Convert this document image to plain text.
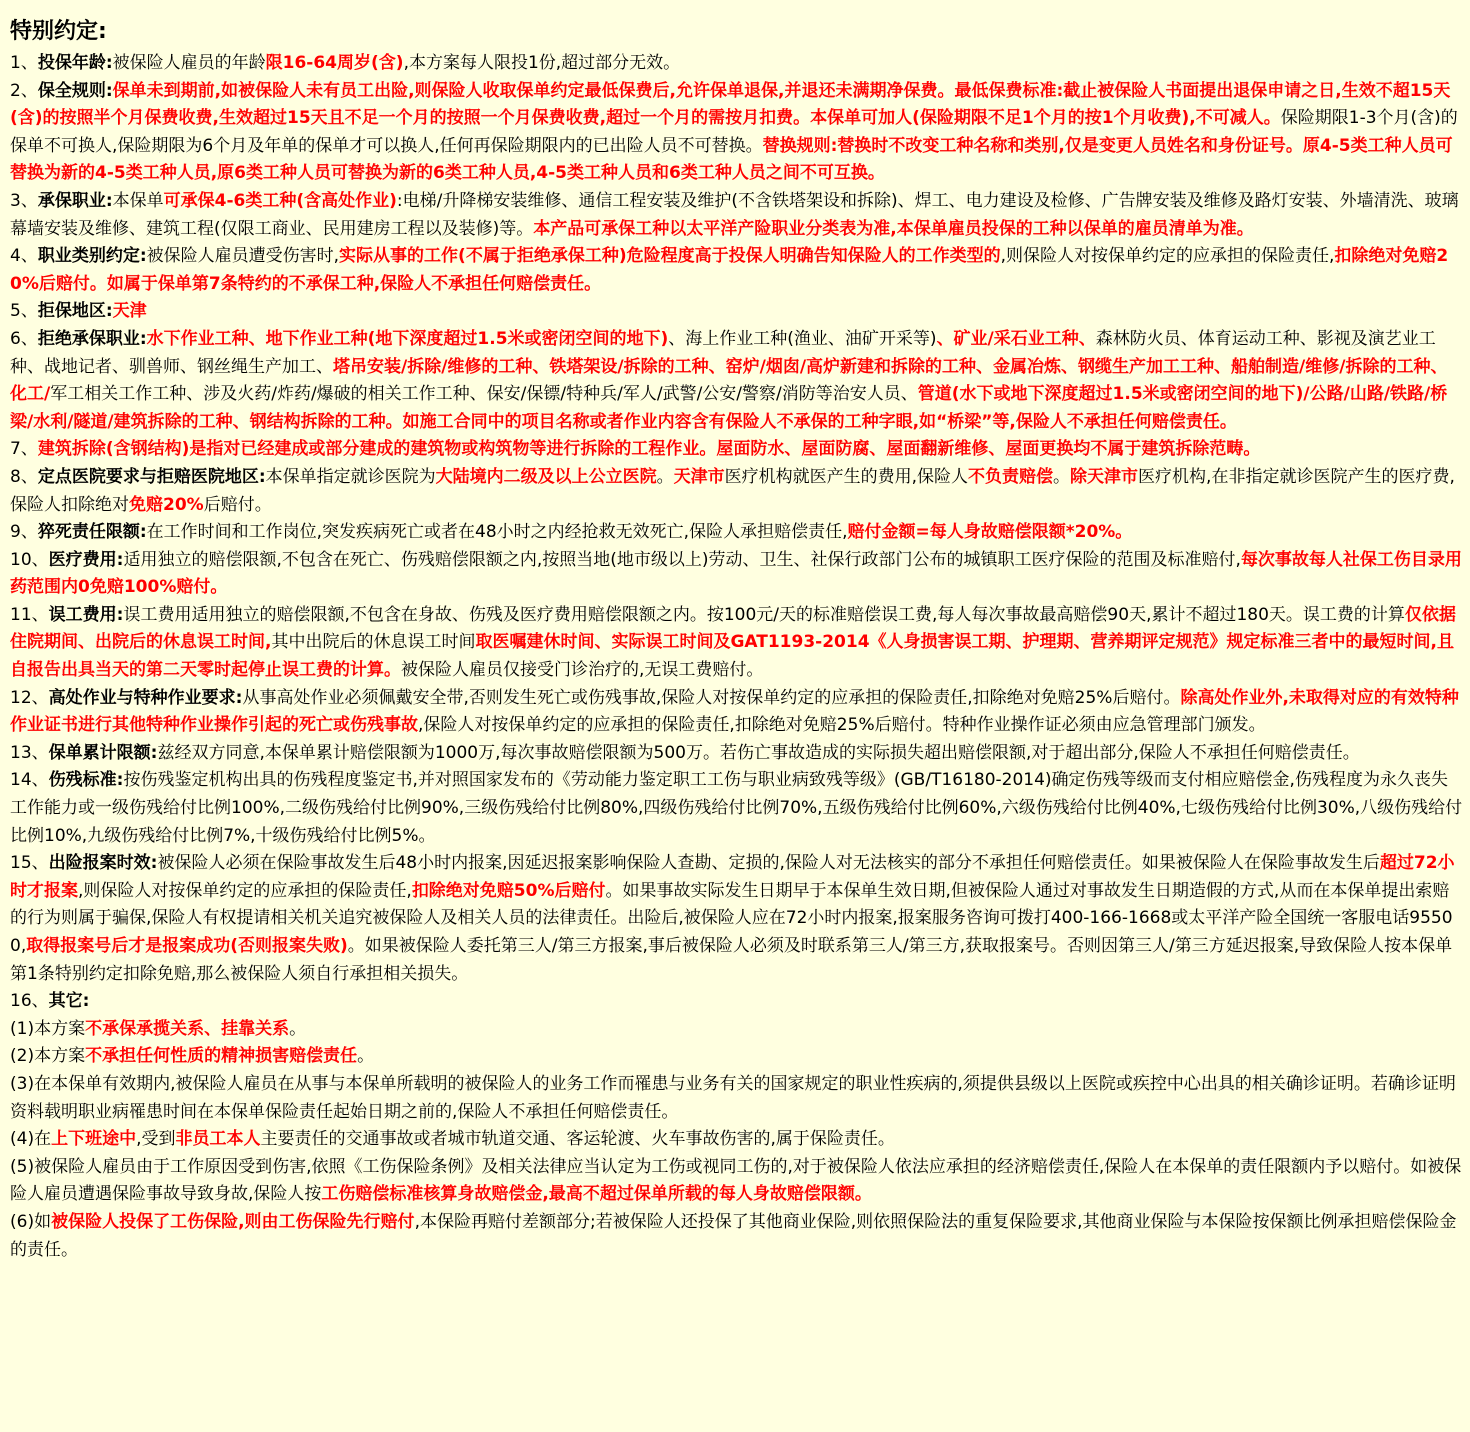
特别约定:

1、投保年龄:被保险人雇员的年龄限16-64周岁(含),本方案每人限投1份,超过部分无效。

2、保全规则:保单未到期前,如被保险人未有员工出险,则保险人收取保单约定最低保费后,允许保单退保,并退还未满期净保费。最低保费标准:截止被保险人书面提出退保申请之日,生效不超15天(含)的按照半个月保费收费,生效超过15天且不足一个月的按照一个月保费收费,超过一个月的需按月扣费。本保单可加人(保险期限不足1个月的按1个月收费),不可减人。保险期限1-3个月(含)的保单不可换人,保险期限为6个月及年单的保单才可以换人,任何再保险期限内的已出险人员不可替换。替换规则:替换时不改变工种名称和类别,仅是变更人员姓名和身份证号。原4-5类工种人员可替换为新的4-5类工种人员,原6类工种人员可替换为新的6类工种人员,4-5类工种人员和6类工种人员之间不可互换。

3、承保职业:本保单可承保4-6类工种(含高处作业):电梯/升降梯安装维修、通信工程安装及维护(不含铁塔架设和拆除)、焊工、电力建设及检修、广告牌安装及维修及路灯安装、外墙清洗、玻璃幕墙安装及维修、建筑工程(仅限工商业、民用建房工程以及装修)等。本产品可承保工种以太平洋产险职业分类表为准,本保单雇员投保的工种以保单的雇员清单为准。

4、职业类别约定:被保险人雇员遭受伤害时,实际从事的工作(不属于拒绝承保工种)危险程度高于投保人明确告知保险人的工作类型的,则保险人对按保单约定的应承担的保险责任,扣除绝对免赔20%后赔付。如属于保单第7条特约的不承保工种,保险人不承担任何赔偿责任。

5、拒保地区:天津

6、拒绝承保职业:水下作业工种、地下作业工种(地下深度超过1.5米或密闭空间的地下)、海上作业工种(渔业、油矿开采等)、矿业/采石业工种、森林防火员、体育运动工种、影视及演艺业工种、战地记者、驯兽师、钢丝绳生产加工、塔吊安装/拆除/维修的工种、铁塔架设/拆除的工种、窑炉/烟囱/高炉新建和拆除的工种、金属冶炼、钢缆生产加工工种、船舶制造/维修/拆除的工种、化工/军工相关工作工种、涉及火药/炸药/爆破的相关工作工种、保安/保镖/特种兵/军人/武警/公安/警察/消防等治安人员、管道(水下或地下深度超过1.5米或密闭空间的地下)/公路/山路/铁路/桥梁/水利/隧道/建筑拆除的工种、钢结构拆除的工种。如施工合同中的项目名称或者作业内容含有保险人不承保的工种字眼,如“桥梁”等,保险人不承担任何赔偿责任。

7、建筑拆除(含钢结构)是指对已经建成或部分建成的建筑物或构筑物等进行拆除的工程作业。屋面防水、屋面防腐、屋面翻新维修、屋面更换均不属于建筑拆除范畴。

8、定点医院要求与拒赔医院地区:本保单指定就诊医院为大陆境内二级及以上公立医院。天津市医疗机构就医产生的费用,保险人不负责赔偿。除天津市医疗机构,在非指定就诊医院产生的医疗费,保险人扣除绝对免赔20%后赔付。

9、猝死责任限额:在工作时间和工作岗位,突发疾病死亡或者在48小时之内经抢救无效死亡,保险人承担赔偿责任,赔付金额=每人身故赔偿限额*20%。

10、医疗费用:适用独立的赔偿限额,不包含在死亡、伤残赔偿限额之内,按照当地(地市级以上)劳动、卫生、社保行政部门公布的城镇职工医疗保险的范围及标准赔付,每次事故每人社保工伤目录用药范围内0免赔100%赔付。

11、误工费用:误工费用适用独立的赔偿限额,不包含在身故、伤残及医疗费用赔偿限额之内。按100元/天的标准赔偿误工费,每人每次事故最高赔偿90天,累计不超过180天。误工费的计算仅依据住院期间、出院后的休息误工时间,其中出院后的休息误工时间取医嘱建休时间、实际误工时间及GAT1193-2014《人身损害误工期、护理期、营养期评定规范》规定标准三者中的最短时间,且自报告出具当天的第二天零时起停止误工费的计算。被保险人雇员仅接受门诊治疗的,无误工费赔付。

12、高处作业与特种作业要求:从事高处作业必须佩戴安全带,否则发生死亡或伤残事故,保险人对按保单约定的应承担的保险责任,扣除绝对免赔25%后赔付。除高处作业外,未取得对应的有效特种作业证书进行其他特种作业操作引起的死亡或伤残事故,保险人对按保单约定的应承担的保险责任,扣除绝对免赔25%后赔付。特种作业操作证必须由应急管理部门颁发。

13、保单累计限额:兹经双方同意,本保单累计赔偿限额为1000万,每次事故赔偿限额为500万。若伤亡事故造成的实际损失超出赔偿限额,对于超出部分,保险人不承担任何赔偿责任。

14、伤残标准:按伤残鉴定机构出具的伤残程度鉴定书,并对照国家发布的《劳动能力鉴定职工工伤与职业病致残等级》(GB/T16180-2014)确定伤残等级而支付相应赔偿金,伤残程度为永久丧失工作能力或一级伤残给付比例100%,二级伤残给付比例90%,三级伤残给付比例80%,四级伤残给付比例70%,五级伤残给付比例60%,六级伤残给付比例40%,七级伤残给付比例30%,八级伤残给付比例10%,九级伤残给付比例7%,十级伤残给付比例5%。

15、出险报案时效:被保险人必须在保险事故发生后48小时内报案,因延迟报案影响保险人查勘、定损的,保险人对无法核实的部分不承担任何赔偿责任。如果被保险人在保险事故发生后超过72小时才报案,则保险人对按保单约定的应承担的保险责任,扣除绝对免赔50%后赔付。如果事故实际发生日期早于本保单生效日期,但被保险人通过对事故发生日期造假的方式,从而在本保单提出索赔的行为则属于骗保,保险人有权提请相关机关追究被保险人及相关人员的法律责任。出险后,被保险人应在72小时内报案,报案服务咨询可拨打400-166-1668或太平洋产险全国统一客服电话95500,取得报案号后才是报案成功(否则报案失败)。如果被保险人委托第三人/第三方报案,事后被保险人必须及时联系第三人/第三方,获取报案号。否则因第三人/第三方延迟报案,导致保险人按本保单第1条特别约定扣除免赔,那么被保险人须自行承担相关损失。

16、其它:

(1)本方案不承保承揽关系、挂靠关系。

(2)本方案不承担任何性质的精神损害赔偿责任。

(3)在本保单有效期内,被保险人雇员在从事与本保单所载明的被保险人的业务工作而罹患与业务有关的国家规定的职业性疾病的,须提供县级以上医院或疾控中心出具的相关确诊证明。若确诊证明资料载明职业病罹患时间在本保单保险责任起始日期之前的,保险人不承担任何赔偿责任。

(4)在上下班途中,受到非员工本人主要责任的交通事故或者城市轨道交通、客运轮渡、火车事故伤害的,属于保险责任。

(5)被保险人雇员由于工作原因受到伤害,依照《工伤保险条例》及相关法律应当认定为工伤或视同工伤的,对于被保险人依法应承担的经济赔偿责任,保险人在本保单的责任限额内予以赔付。如被保险人雇员遭遇保险事故导致身故,保险人按工伤赔偿标准核算身故赔偿金,最高不超过保单所载的每人身故赔偿限额。

(6)如被保险人投保了工伤保险,则由工伤保险先行赔付,本保险再赔付差额部分;若被保险人还投保了其他商业保险,则依照保险法的重复保险要求,其他商业保险与本保险按保额比例承担赔偿保险金的责任。
